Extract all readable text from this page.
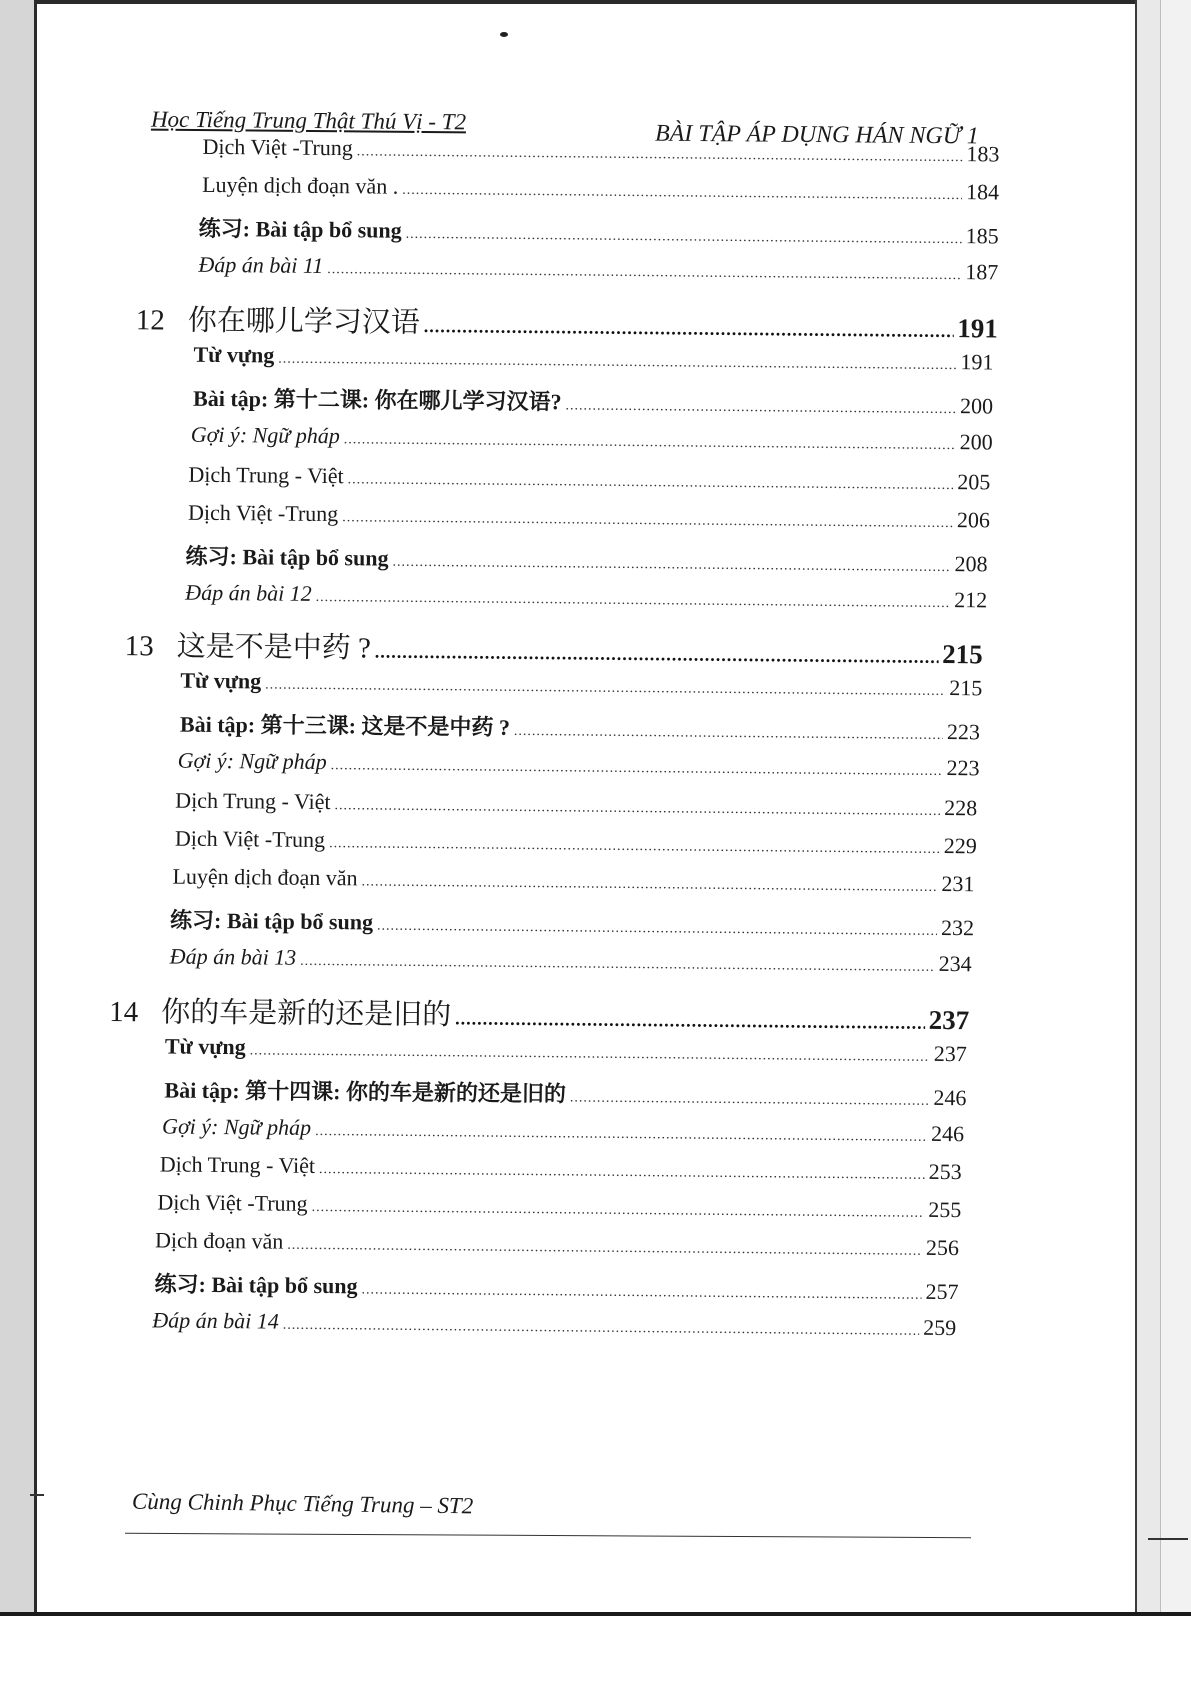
Học Tiếng Trung Thật Thú Vị - T2
BÀI TẬP ÁP DỤNG HÁN NGỮ 1
Dịch Việt -Trung .....	183
Luyện dịch đoạn văn . .....	184
练习: Bài tập bổ sung .....	185
Đáp án bài 11 .....	187
12 你在哪儿学习汉语 .....	191
Từ vựng .....	191
Bài tập: 第十二课: 你在哪儿学习汉语? .....	200
Gợi ý: Ngữ pháp .....	200
Dịch Trung - Việt .....	205
Dịch Việt -Trung .....	206
练习: Bài tập bổ sung .....	208
Đáp án bài 12 .....	212
13 这是不是中药 ? .....	215
Từ vựng .....	215
Bài tập: 第十三课: 这是不是中药 ? .....	223
Gợi ý: Ngữ pháp .....	223
Dịch Trung - Việt .....	228
Dịch Việt -Trung .....	229
Luyện dịch đoạn văn .....	231
练习: Bài tập bổ sung .....	232
Đáp án bài 13 .....	234
14 你的车是新的还是旧的 .....	237
Từ vựng .....	237
Bài tập: 第十四课: 你的车是新的还是旧的 .....	246
Gợi ý: Ngữ pháp .....	246
Dịch Trung - Việt .....	253
Dịch Việt -Trung .....	255
Dịch đoạn văn .....	256
练习: Bài tập bổ sung .....	257
Đáp án bài 14 .....	259
Cùng Chinh Phục Tiếng Trung – ST2
